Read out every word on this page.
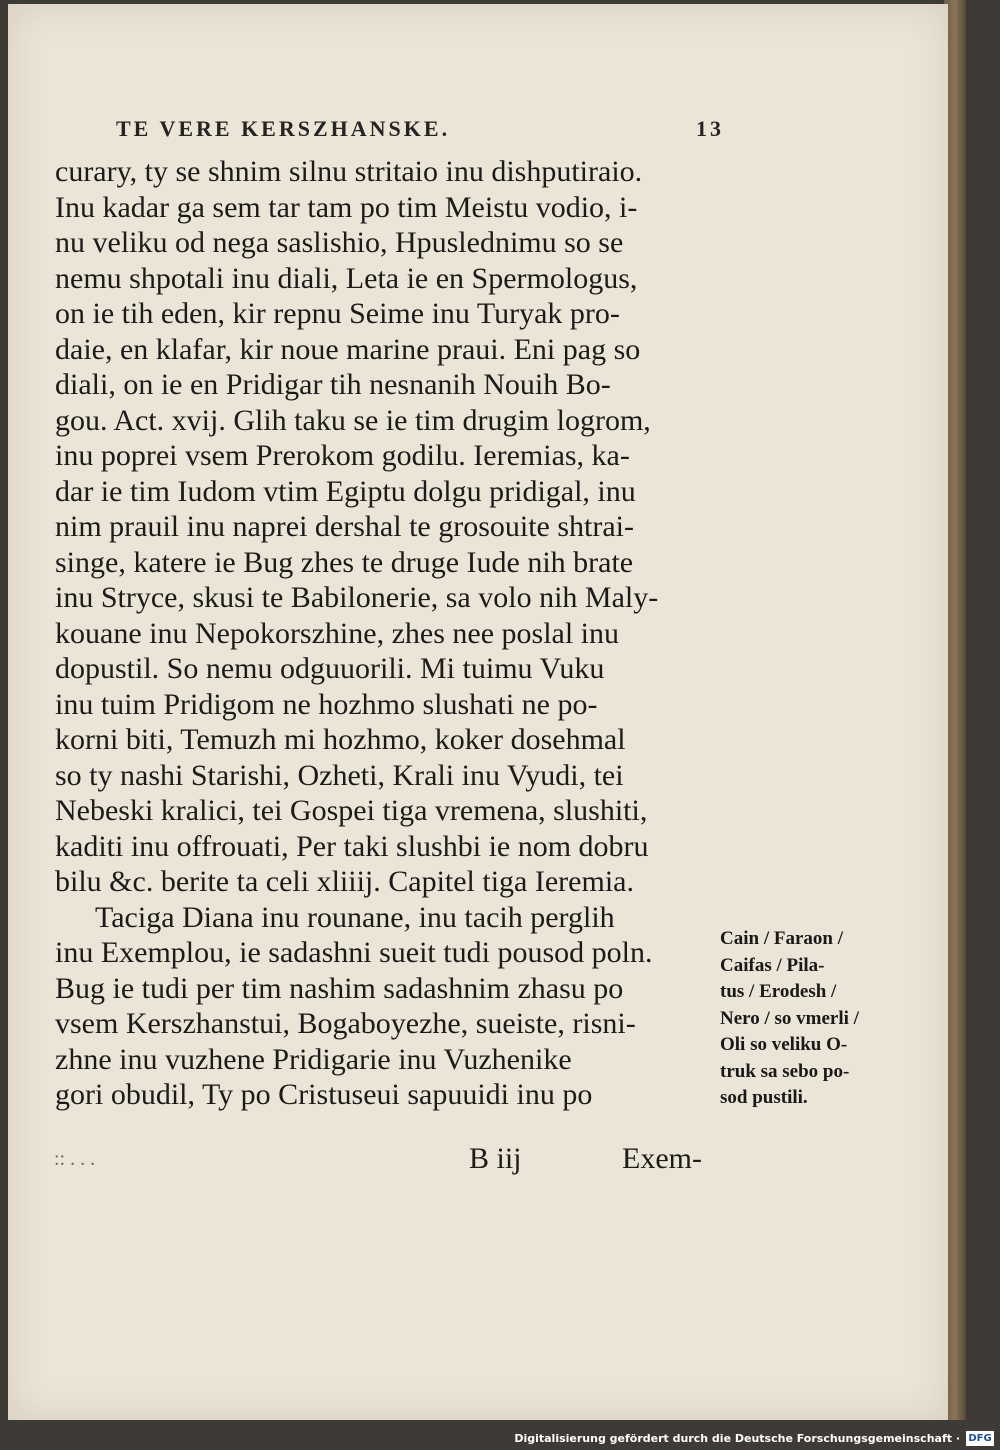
TE VERE KERSZHANSKE.	13
curary, ty se shnim silnu stritaio inu dishputiraio.
Inu kadar ga sem tar tam po tim Meistu vodio, i-
nu veliku od nega saslishio, Hpuslednimu so se
nemu shpotali inu diali, Leta ie en Spermologus,
on ie tih eden, kir repnu Seime inu Turyak pro-
daie, en klafar, kir noue marine praui. Eni pag so
diali, on ie en Pridigar tih nesnanih Nouih Bo-
gou. Act. xvij. Glih taku se ie tim drugim logrom,
inu poprei vsem Prerokom godilu. Ieremias, ka-
dar ie tim Iudom vtim Egiptu dolgu pridigal, inu
nim prauil inu naprei dershal te grosouite shtrai-
singe, katere ie Bug zhes te druge Iude nih brate
inu Stryce, skusi te Babilonerie, sa volo nih Maly-
kouane inu Nepokorszhine, zhes nee poslal inu
dopustil. So nemu odguuorili. Mi tuimu Vuku
inu tuim Pridigom ne hozhmo slushati ne po-
korni biti, Temuzh mi hozhmo, koker dosehmal
so ty nashi Starishi, Ozheti, Krali inu Vyudi, tei
Nebeski kralici, tei Gospei tiga vremena, slushiti,
kaditi inu offrouati, Per taki slushbi ie nom dobru
bilu &c. berite ta celi xliiij. Capitel tiga Ieremia.
Taciga Diana inu rounane, inu tacih perglih
inu Exemplou, ie sadashni sueit tudi pousod poln.
Bug ie tudi per tim nashim sadashnim zhasu po
vsem Kerszhanstui, Bogaboyezhe, sueiste, risni-
zhne inu vuzhene Pridigarie inu Vuzhenike
gori obudil, Ty po Cristuseui sapuuidi inu po
:: . . .	B iij	Exem-
Cain / Faraon /
Caifas / Pila-
tus / Erodesh /
Nero / so vmerli /
Oli so veliku O-
truk sa sebo po-
sod pustili.
Digitalisierung gefördert durch die Deutsche Forschungsgemeinschaft · DFG
